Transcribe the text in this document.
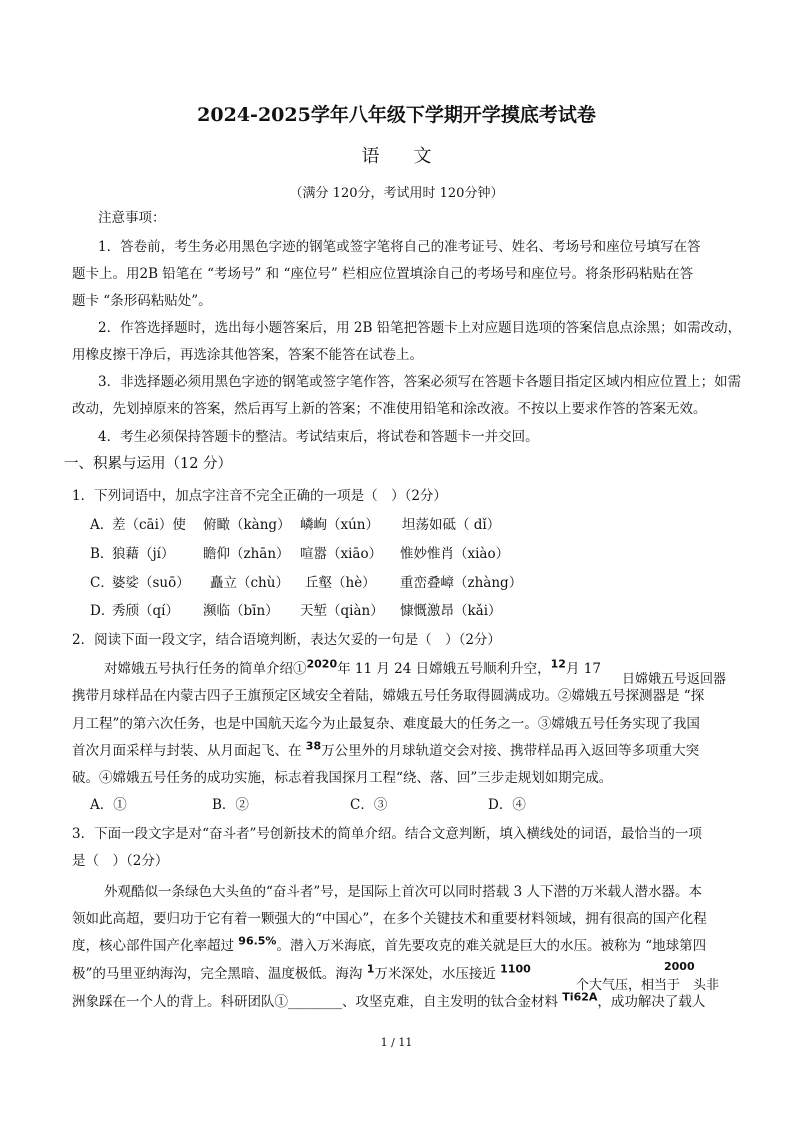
2024-2025学年八年级下学期开学摸底考试卷
语 文
（满分 120分，考试用时 120分钟）
注意事项：
1．答卷前，考生务必用黑色字迹的钢笔或签字笔将自己的准考证号、姓名、考场号和座位号填写在答
题卡上。用2B 铅笔在 “考场号” 和 “座位号” 栏相应位置填涂自己的考场号和座位号。将条形码粘贴在答
题卡 “条形码粘贴处”。
2．作答选择题时，选出每小题答案后，用 2B 铅笔把答题卡上对应题目选项的答案信息点涂黑；如需改动，
用橡皮擦干净后，再选涂其他答案，答案不能答在试卷上。
3．非选择题必须用黑色字迹的钢笔或签字笔作答，答案必须写在答题卡各题目指定区域内相应位置上；如需
改动，先划掉原来的答案，然后再写上新的答案；不准使用铅笔和涂改液。不按以上要求作答的答案无效。
4．考生必须保持答题卡的整洁。考试结束后，将试卷和答题卡一并交回。
一、积累与运用（12 分）
1．下列词语中，加点字注音不完全正确的一项是（　）（2分）
A．
差（cāi）使 俯瞰（kàng） 嶙峋（xún） 坦荡如砥（ dǐ）
B．
狼藉（jí） 瞻仰（zhān） 喧嚣（xiāo） 惟妙惟肖（xiào）
C．
婆娑（suō） 矗立（chù） 丘壑（hè） 重峦叠嶂（zhàng）
D．
秀颀（qí） 濒临（bīn） 天堑（qiàn） 慷慨激昂（kǎi）
2．阅读下面一段文字，结合语境判断，表达欠妥的一句是（　）（2分）
对嫦娥五号执行任务的简单介绍①$^{2020}$年 11 月 24 日嫦娥五号顺利升空，$^{12}$月 17
日嫦娥五号返回器
携带月球样品在内蒙古四子王旗预定区域安全着陆，嫦娥五号任务取得圆满成功。②嫦娥五号探测器是 “探
月工程”的第六次任务，也是中国航天迄今为止最复杂、难度最大的任务之一。③嫦娥五号任务实现了我国
首次月面采样与封装、从月面起飞、在 $^{38}$万公里外的月球轨道交会对接、携带样品再入返回等多项重大突
破。④嫦娥五号任务的成功实施，标志着我国探月工程“绕、落、回”三步走规划如期完成。
A．①	B．②	C．③	D．④
3．下面一段文字是对“奋斗者”号创新技术的简单介绍。结合文意判断，填入横线处的词语，最恰当的一项
是（　）（2分）
外观酷似一条绿色大头鱼的“奋斗者”号，是国际上首次可以同时搭载 3 人下潜的万米载人潜水器。本
领如此高超，要归功于它有着一颗强大的“中国心”，在多个关键技术和重要材料领域，拥有很高的国产化程
度，核心部件国产化率超过 $^{96.5\%}$。潜入万米海底，首先要攻克的难关就是巨大的水压。被称为 “地球第四
极”的马里亚纳海沟，完全黑暗、温度极低。海沟 $^1$万米深处，水压接近 $^{1100}$	2000
个大气压，相当于 头非
洲象踩在一个人的背上。科研团队①________、攻坚克难，自主发明的钛合金材料 $^{Ti62A}$，成功解决了载人
1 / 11
